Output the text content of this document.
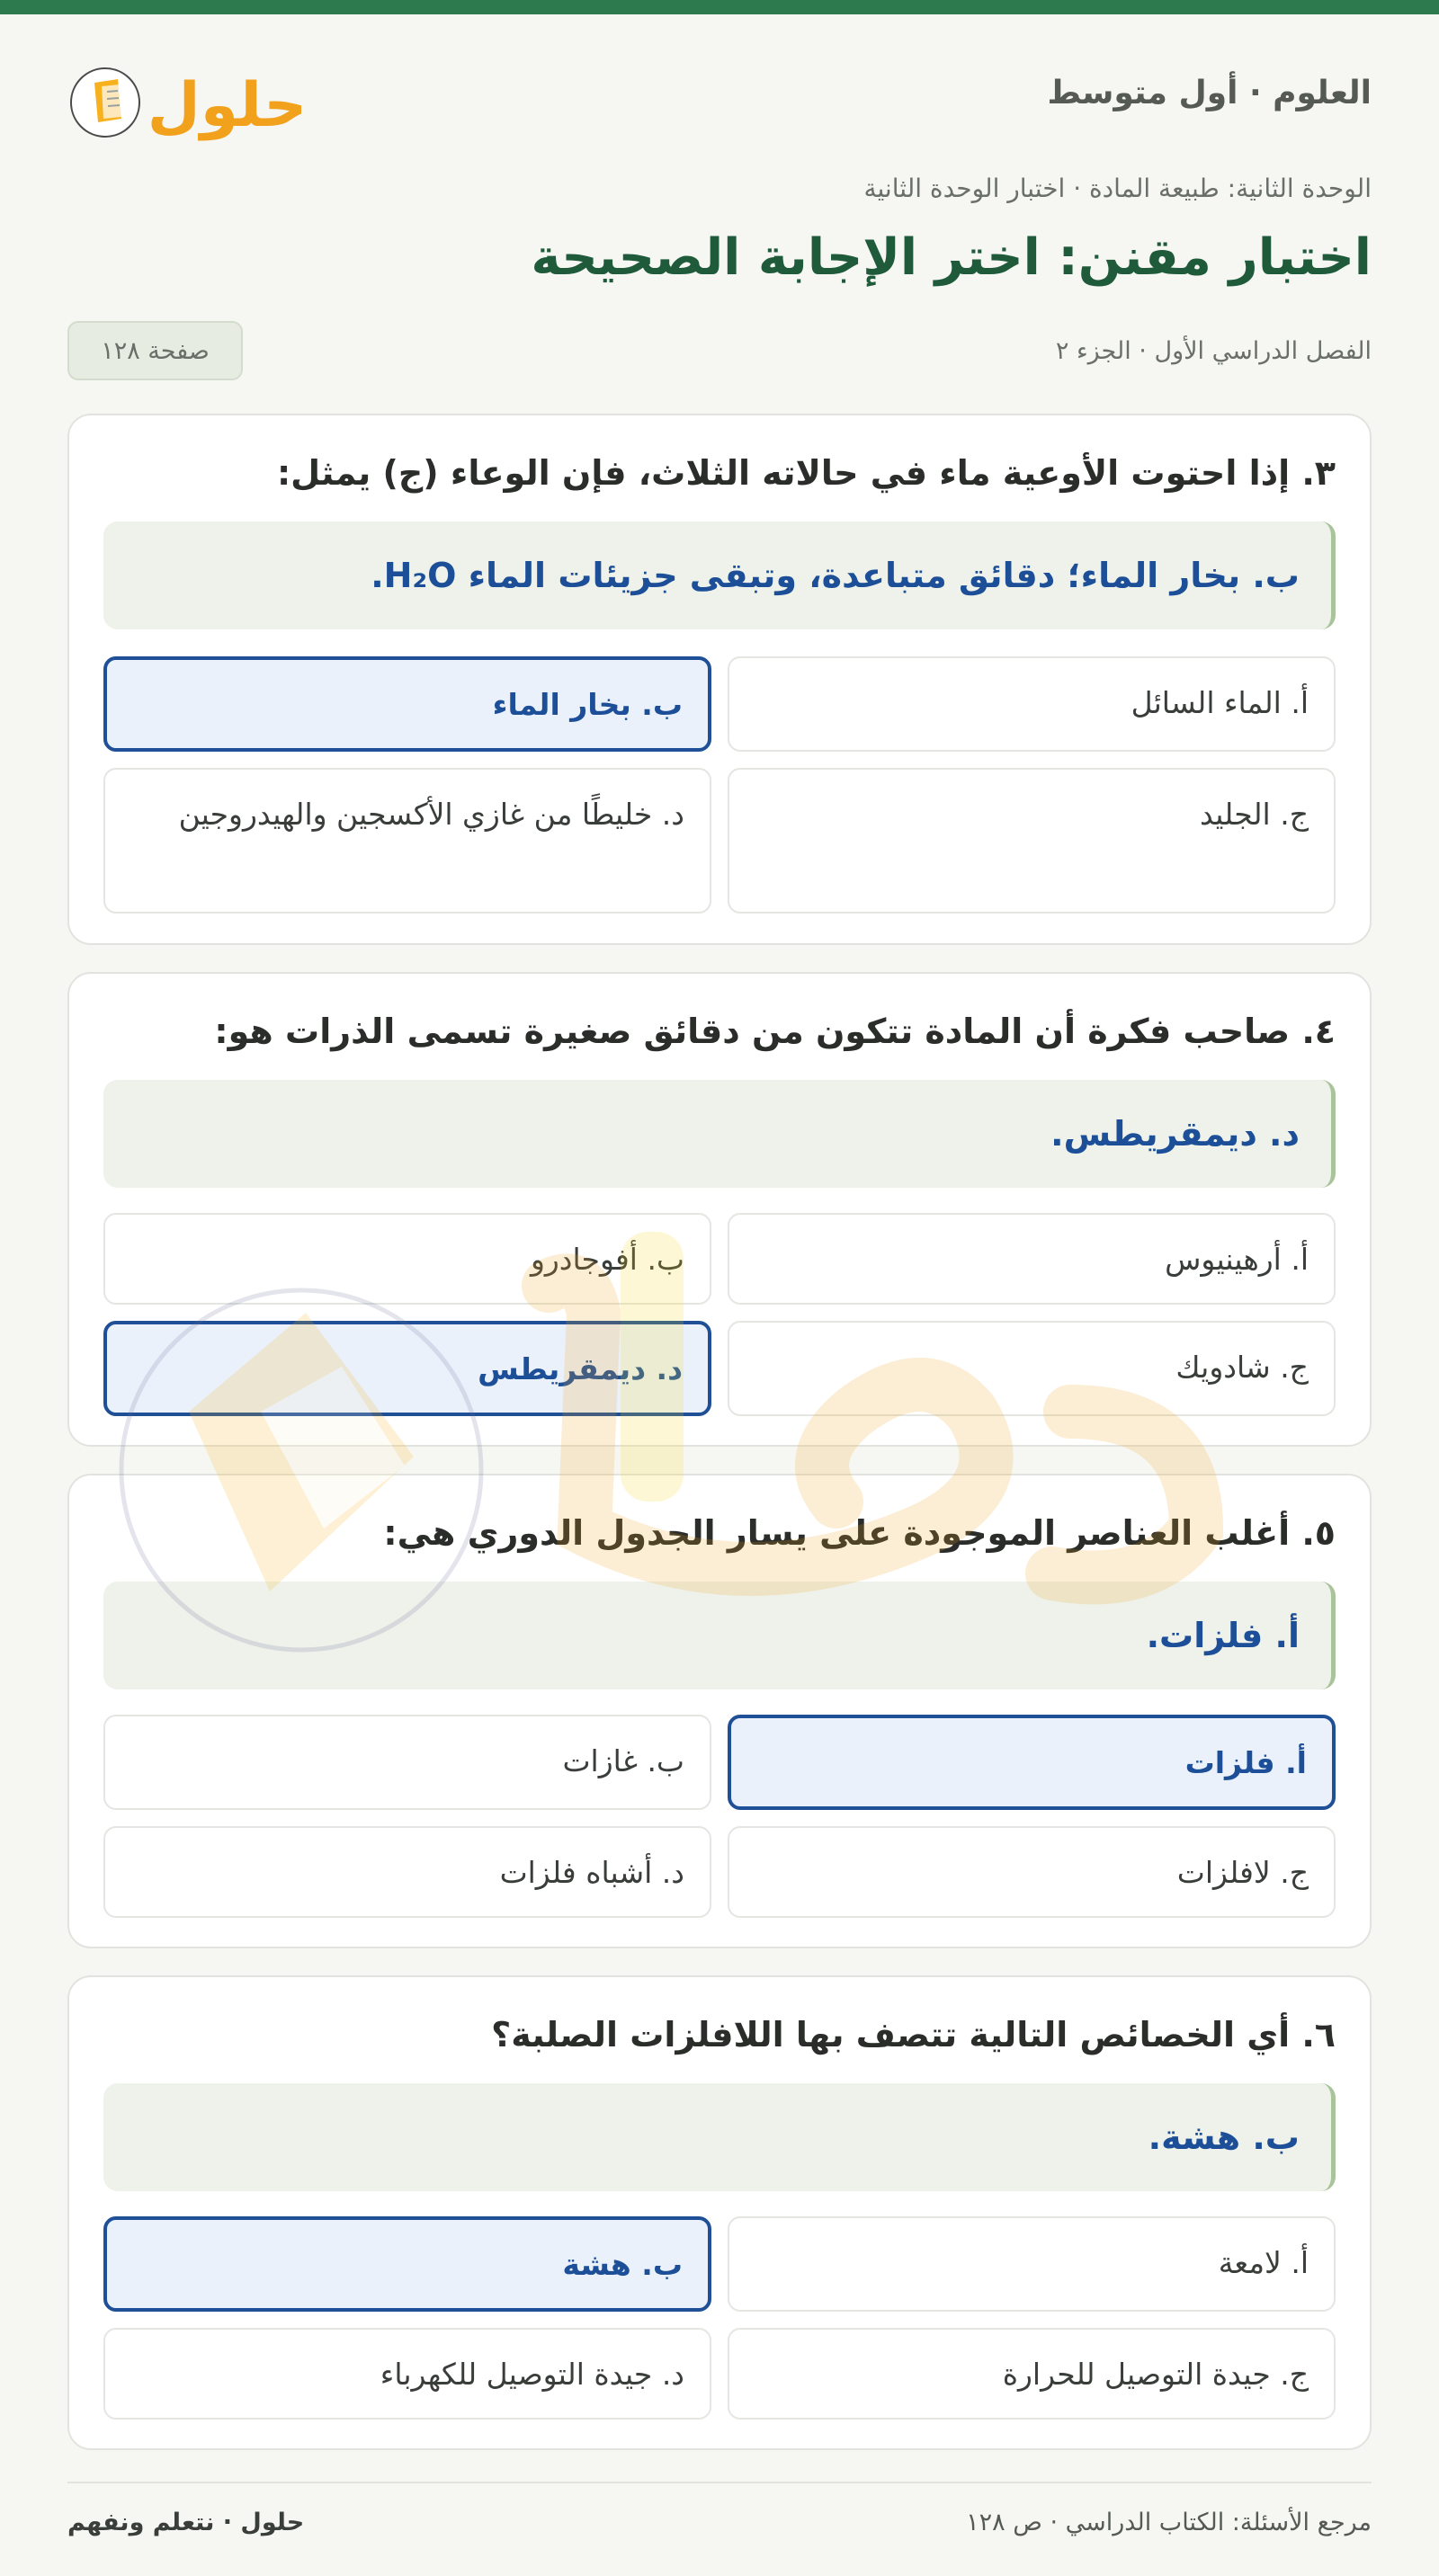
العلوم · أول متوسط
حلول
الوحدة الثانية: طبيعة المادة · اختبار الوحدة الثانية
اختبار مقنن: اختر الإجابة الصحيحة
الفصل الدراسي الأول · الجزء ٢
صفحة ١٢٨
٣. إذا احتوت الأوعية ماء في حالاته الثلاث، فإن الوعاء (ج) يمثل:
ب. بخار الماء؛ دقائق متباعدة، وتبقى جزيئات الماء H₂O.
أ. الماء السائل
ب. بخار الماء
ج. الجليد
د. خليطًا من غازي الأكسجين والهيدروجين
٤. صاحب فكرة أن المادة تتكون من دقائق صغيرة تسمى الذرات هو:
د. ديمقريطس.
أ. أرهينيوس
ب. أفوجادرو
ج. شادويك
د. ديمقريطس
٥. أغلب العناصر الموجودة على يسار الجدول الدوري هي:
أ. فلزات.
أ. فلزات
ب. غازات
ج. لافلزات
د. أشباه فلزات
٦. أي الخصائص التالية تتصف بها اللافلزات الصلبة؟
ب. هشة.
أ. لامعة
ب. هشة
ج. جيدة التوصيل للحرارة
د. جيدة التوصيل للكهرباء
مرجع الأسئلة: الكتاب الدراسي · ص ١٢٨
حلول · نتعلم ونفهم
